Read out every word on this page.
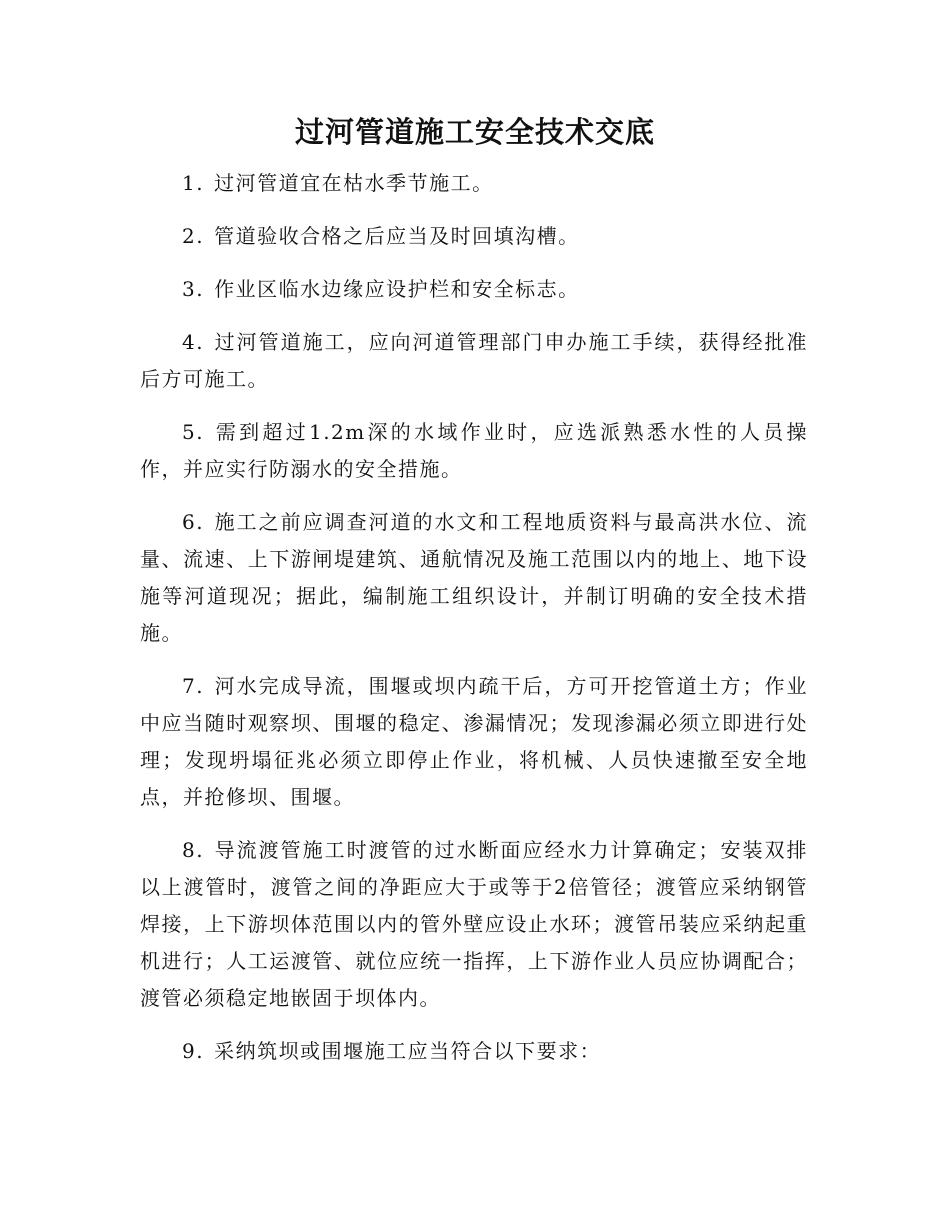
过河管道施工安全技术交底

1. 过河管道宜在枯水季节施工。

2. 管道验收合格之后应当及时回填沟槽。

3. 作业区临水边缘应设护栏和安全标志。

4. 过河管道施工，应向河道管理部门申办施工手续，获得经批准后方可施工。

5. 需到超过1.2m深的水域作业时，应选派熟悉水性的人员操作，并应实行防溺水的安全措施。

6. 施工之前应调查河道的水文和工程地质资料与最高洪水位、流量、流速、上下游闸堤建筑、通航情况及施工范围以内的地上、地下设施等河道现况；据此，编制施工组织设计，并制订明确的安全技术措施。

7. 河水完成导流，围堰或坝内疏干后，方可开挖管道土方；作业中应当随时观察坝、围堰的稳定、渗漏情况；发现渗漏必须立即进行处理；发现坍塌征兆必须立即停止作业，将机械、人员快速撤至安全地点，并抢修坝、围堰。

8. 导流渡管施工时渡管的过水断面应经水力计算确定；安装双排以上渡管时，渡管之间的净距应大于或等于2倍管径；渡管应采纳钢管焊接，上下游坝体范围以内的管外壁应设止水环；渡管吊装应采纳起重机进行；人工运渡管、就位应统一指挥，上下游作业人员应协调配合；渡管必须稳定地嵌固于坝体内。

9. 采纳筑坝或围堰施工应当符合以下要求：
